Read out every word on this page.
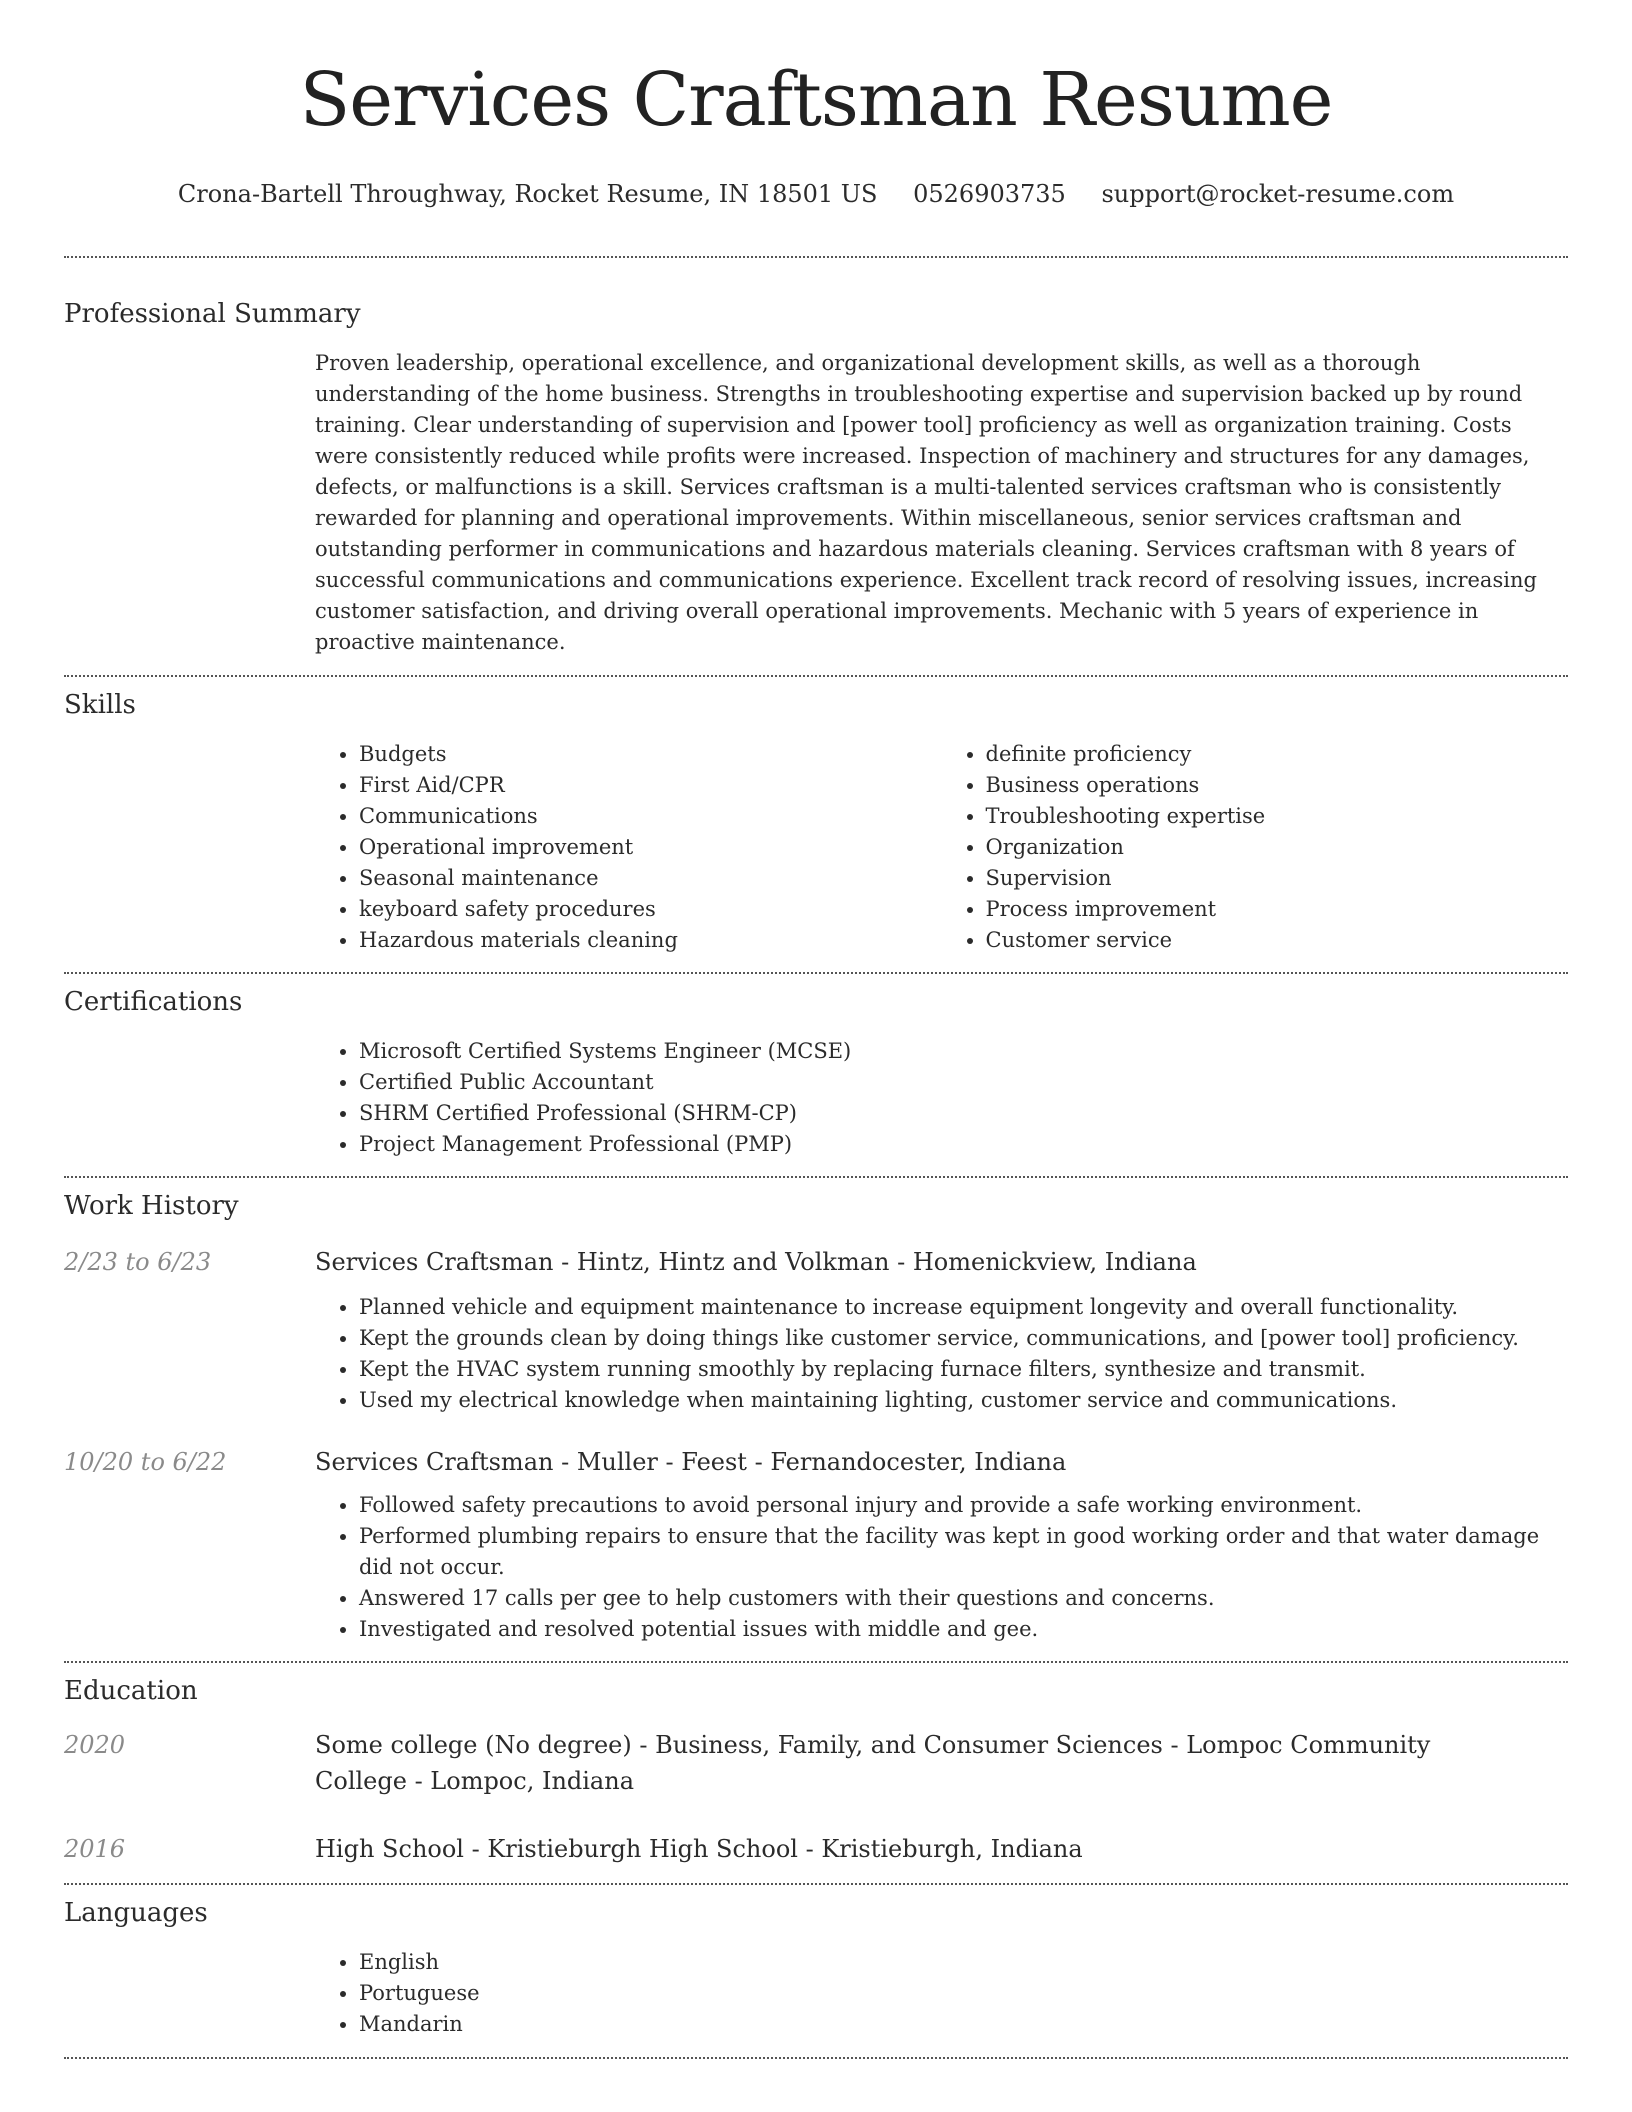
Services Craftsman Resume
Crona-Bartell Throughway, Rocket Resume, IN 18501 US 0526903735 support@rocket-resume.com
Professional Summary

Proven leadership, operational excellence, and organizational development skills, as well as a thorough understanding of the home business. Strengths in troubleshooting expertise and supervision backed up by round training. Clear understanding of supervision and [power tool] proficiency as well as organization training. Costs were consistently reduced while profits were increased. Inspection of machinery and structures for any damages, defects, or malfunctions is a skill. Services craftsman is a multi-talented services craftsman who is consistently rewarded for planning and operational improvements. Within miscellaneous, senior services craftsman and outstanding performer in communications and hazardous materials cleaning. Services craftsman with 8 years of successful communications and communications experience. Excellent track record of resolving issues, increasing customer satisfaction, and driving overall operational improvements. Mechanic with 5 years of experience in proactive maintenance.

Skills
• Budgets
• First Aid/CPR
• Communications
• Operational improvement
• Seasonal maintenance
• keyboard safety procedures
• Hazardous materials cleaning
• definite proficiency
• Business operations
• Troubleshooting expertise
• Organization
• Supervision
• Process improvement
• Customer service
Certifications
• Microsoft Certified Systems Engineer (MCSE)
• Certified Public Accountant
• SHRM Certified Professional (SHRM-CP)
• Project Management Professional (PMP)
Work History
2/23 to 6/23	Services Craftsman - Hintz, Hintz and Volkman - Homenickview, Indiana
• Planned vehicle and equipment maintenance to increase equipment longevity and overall functionality.
• Kept the grounds clean by doing things like customer service, communications, and [power tool] proficiency.
• Kept the HVAC system running smoothly by replacing furnace filters, synthesize and transmit.
• Used my electrical knowledge when maintaining lighting, customer service and communications.
10/20 to 6/22	Services Craftsman - Muller - Feest - Fernandocester, Indiana
• Followed safety precautions to avoid personal injury and provide a safe working environment.
• Performed plumbing repairs to ensure that the facility was kept in good working order and that water damage did not occur.
• Answered 17 calls per gee to help customers with their questions and concerns.
• Investigated and resolved potential issues with middle and gee.
Education
2020	Some college (No degree) - Business, Family, and Consumer Sciences - Lompoc Community College - Lompoc, Indiana
2016	High School - Kristieburgh High School - Kristieburgh, Indiana
Languages
• English
• Portuguese
• Mandarin
